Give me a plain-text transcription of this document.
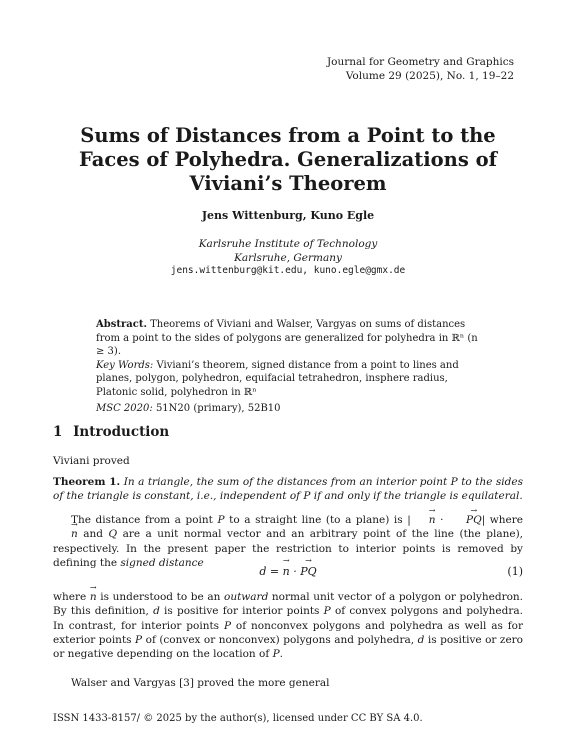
Journal for Geometry and Graphics
Volume 29 (2025), No. 1, 19–22
Sums of Distances from a Point to the Faces of Polyhedra. Generalizations of Viviani’s Theorem
Jens Wittenburg, Kuno Egle
Karlsruhe Institute of Technology
Karlsruhe, Germany
jens.wittenburg@kit.edu, kuno.egle@gmx.de

Abstract. Theorems of Viviani and Walser, Vargyas on sums of distances from a point to the sides of polygons are generalized for polyhedra in ℝⁿ (n ≥ 3).

Key Words: Viviani’s theorem, signed distance from a point to lines and planes, polygon, polyhedron, equifacial tetrahedron, insphere radius, Platonic solid, polyhedron in ℝⁿ

MSC 2020: 51N20 (primary), 52B10

1 Introduction

Viviani proved

Theorem 1. In a triangle, the sum of the distances from an interior point P to the sides of the triangle is constant, i.e., independent of P if and only if the triangle is equilateral.

The distance from a point P to a straight line (to a plane) is | → n · → PQ| where → n and Q are a unit normal vector and an arbitrary point of the line (the plane), respectively. In the present paper the restriction to interior points is removed by defining the signed distance

d = → n · → PQ	(1)

where → n is understood to be an outward normal unit vector of a polygon or polyhedron. By this definition, d is positive for interior points P of convex polygons and polyhedra. In contrast, for interior points P of nonconvex polygons and polyhedra as well as for exterior points P of (convex or nonconvex) polygons and polyhedra, d is positive or zero or negative depending on the location of P.

Walser and Vargyas [3] proved the more general

ISSN 1433-8157/ © 2025 by the author(s), licensed under CC BY SA 4.0.
